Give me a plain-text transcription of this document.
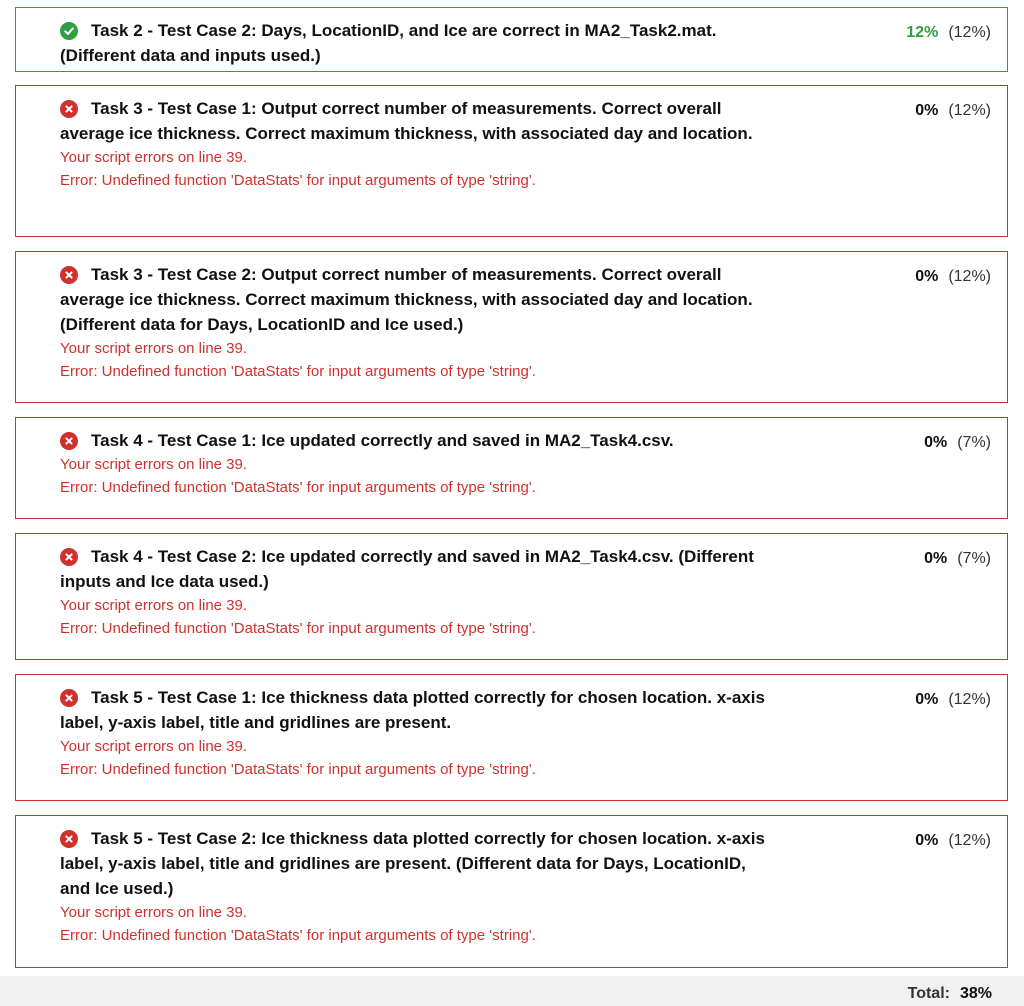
Task 2 - Test Case 2: Days, LocationID, and Ice are correct in MA2_Task2.mat. (Different data and inputs used.)

12% (12%)

Task 3 - Test Case 1: Output correct number of measurements. Correct overall average ice thickness. Correct maximum thickness, with associated day and location.

Your script errors on line 39.

Error: Undefined function 'DataStats' for input arguments of type 'string'.

0% (12%)

Task 3 - Test Case 2: Output correct number of measurements. Correct overall average ice thickness. Correct maximum thickness, with associated day and location. (Different data for Days, LocationID and Ice used.)

Your script errors on line 39.

Error: Undefined function 'DataStats' for input arguments of type 'string'.

0% (12%)

Task 4 - Test Case 1: Ice updated correctly and saved in MA2_Task4.csv.

Your script errors on line 39.

Error: Undefined function 'DataStats' for input arguments of type 'string'.

0% (7%)

Task 4 - Test Case 2: Ice updated correctly and saved in MA2_Task4.csv. (Different inputs and Ice data used.)

Your script errors on line 39.

Error: Undefined function 'DataStats' for input arguments of type 'string'.

0% (7%)

Task 5 - Test Case 1: Ice thickness data plotted correctly for chosen location. x-axis label, y-axis label, title and gridlines are present.

Your script errors on line 39.

Error: Undefined function 'DataStats' for input arguments of type 'string'.

0% (12%)

Task 5 - Test Case 2: Ice thickness data plotted correctly for chosen location. x-axis label, y-axis label, title and gridlines are present. (Different data for Days, LocationID, and Ice used.)

Your script errors on line 39.

Error: Undefined function 'DataStats' for input arguments of type 'string'.

0% (12%)
Total: 38%
